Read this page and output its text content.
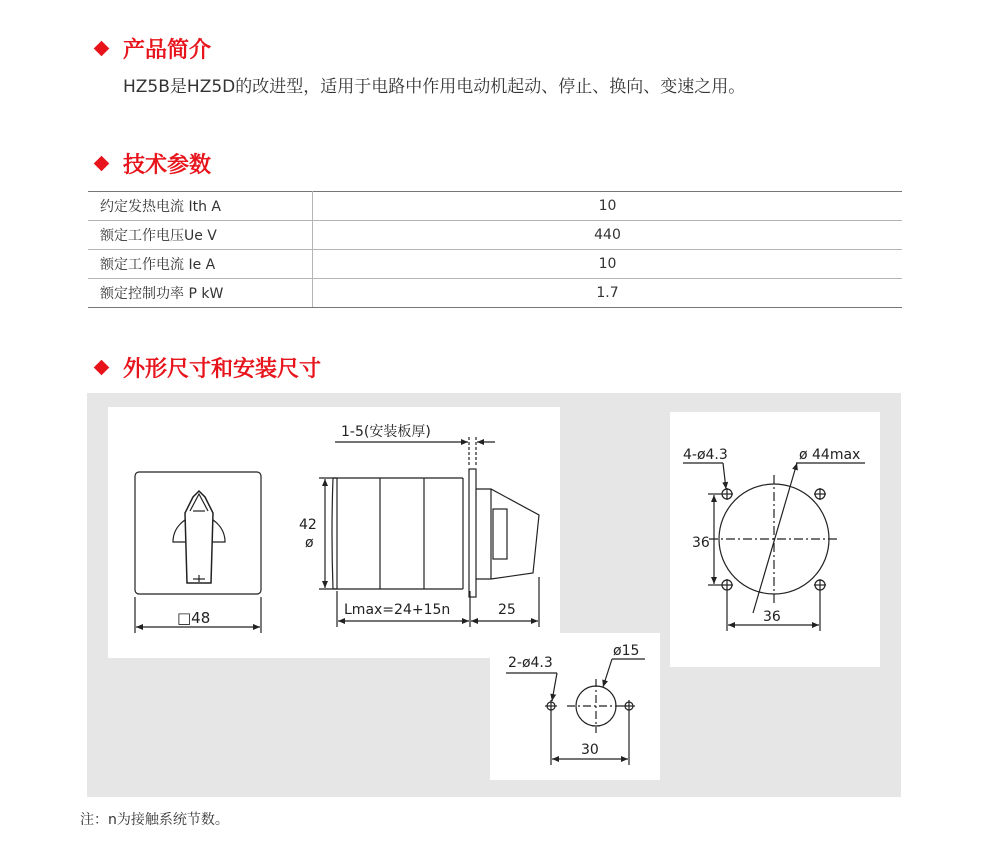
产品简介
HZ5B是HZ5D的改进型，适用于电路中作用电动机起动、停止、换向、变速之用。
技术参数
约定发热电流 Ith A	10
额定工作电压Ue V	440
额定工作电流 Ie A	10
额定控制功率 P kW	1.7
外形尺寸和安装尺寸
□48
1-5(安装板厚)
42
ø
Lmax=24+15n	25
4-ø4.3	ø 44max
36
36
2-ø4.3
ø15
30
注：n为接触系统节数。
